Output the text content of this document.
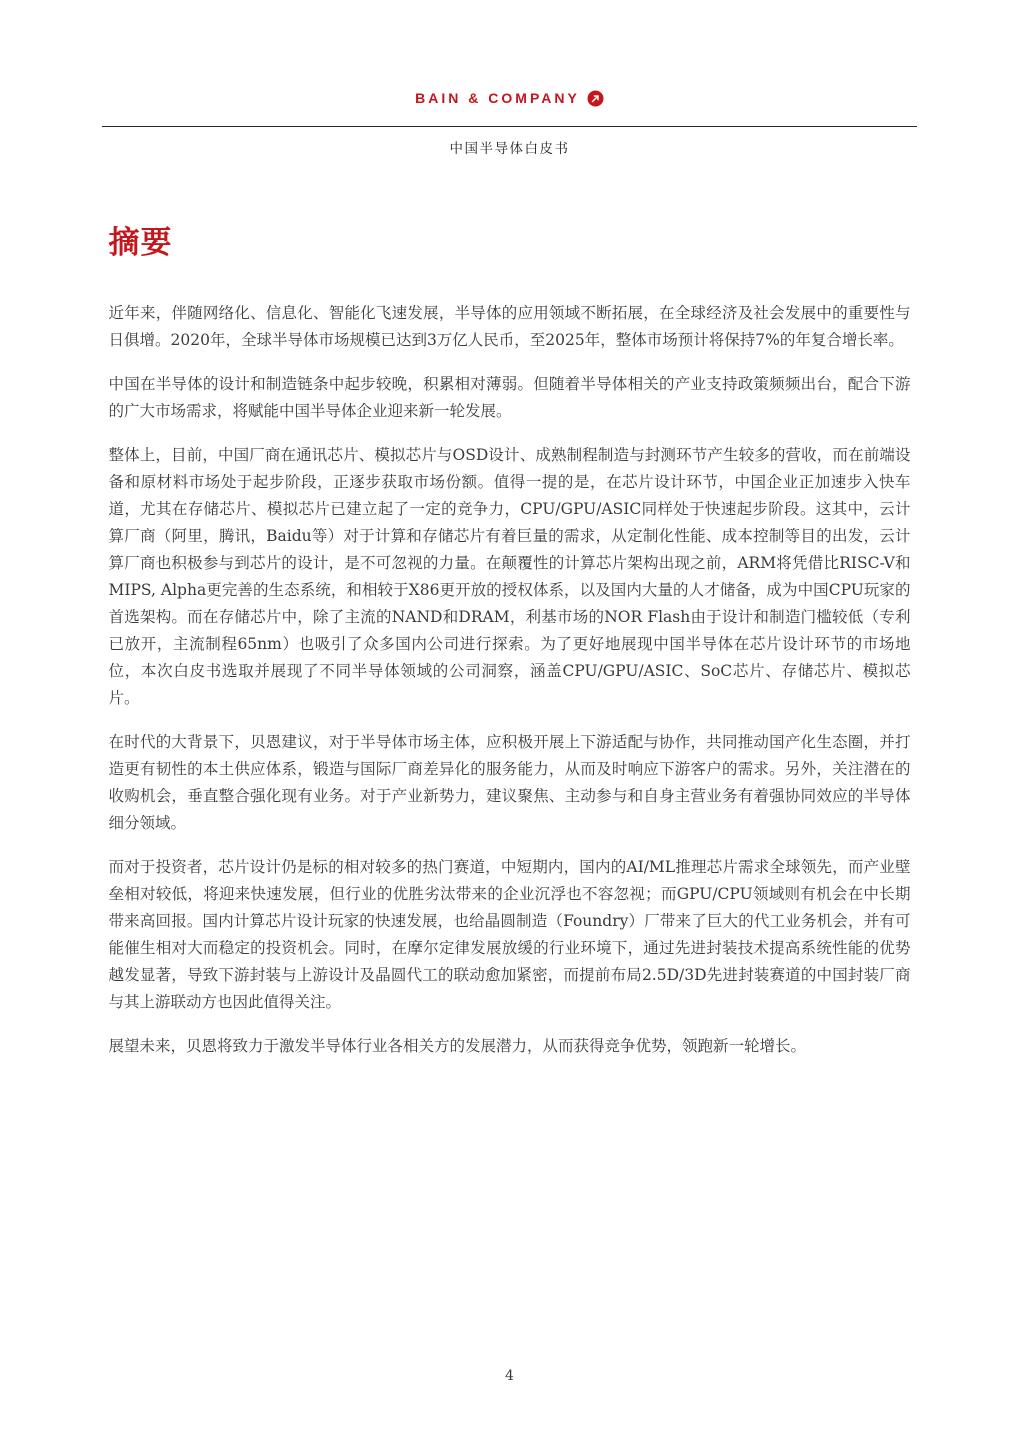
BAIN & COMPANY
中国半导体白皮书
摘要

近年来，伴随网络化、信息化、智能化飞速发展，半导体的应用领域不断拓展，在全球经济及社会发展中的重要性与日俱增。2020年，全球半导体市场规模已达到3万亿人民币，至2025年，整体市场预计将保持7%的年复合增长率。

中国在半导体的设计和制造链条中起步较晚，积累相对薄弱。但随着半导体相关的产业支持政策频频出台，配合下游的广大市场需求，将赋能中国半导体企业迎来新一轮发展。

整体上，目前，中国厂商在通讯芯片、模拟芯片与OSD设计、成熟制程制造与封测环节产生较多的营收，而在前端设备和原材料市场处于起步阶段，正逐步获取市场份额。值得一提的是，在芯片设计环节，中国企业正加速步入快车道，尤其在存储芯片、模拟芯片已建立起了一定的竞争力，CPU/GPU/ASIC同样处于快速起步阶段。这其中，云计算厂商（阿里，腾讯，Baidu等）对于计算和存储芯片有着巨量的需求，从定制化性能、成本控制等目的出发，云计算厂商也积极参与到芯片的设计，是不可忽视的力量。在颠覆性的计算芯片架构出现之前，ARM将凭借比RISC-V和MIPS, Alpha更完善的生态系统，和相较于X86更开放的授权体系，以及国内大量的人才储备，成为中国CPU玩家的首选架构。而在存储芯片中，除了主流的NAND和DRAM，利基市场的NOR Flash由于设计和制造门槛较低（专利已放开，主流制程65nm）也吸引了众多国内公司进行探索。为了更好地展现中国半导体在芯片设计环节的市场地位，本次白皮书选取并展现了不同半导体领域的公司洞察，涵盖CPU/GPU/ASIC、SoC芯片、存储芯片、模拟芯片。

在时代的大背景下，贝恩建议，对于半导体市场主体，应积极开展上下游适配与协作，共同推动国产化生态圈，并打造更有韧性的本土供应体系，锻造与国际厂商差异化的服务能力，从而及时响应下游客户的需求。另外，关注潜在的收购机会，垂直整合强化现有业务。对于产业新势力，建议聚焦、主动参与和自身主营业务有着强协同效应的半导体细分领域。

而对于投资者，芯片设计仍是标的相对较多的热门赛道，中短期内，国内的AI/ML推理芯片需求全球领先，而产业壁垒相对较低，将迎来快速发展，但行业的优胜劣汰带来的企业沉浮也不容忽视；而GPU/CPU领域则有机会在中长期带来高回报。国内计算芯片设计玩家的快速发展，也给晶圆制造（Foundry）厂带来了巨大的代工业务机会，并有可能催生相对大而稳定的投资机会。同时，在摩尔定律发展放缓的行业环境下，通过先进封装技术提高系统性能的优势越发显著，导致下游封装与上游设计及晶圆代工的联动愈加紧密，而提前布局2.5D/3D先进封装赛道的中国封装厂商与其上游联动方也因此值得关注。

展望未来，贝恩将致力于激发半导体行业各相关方的发展潜力，从而获得竞争优势，领跑新一轮增长。

4
